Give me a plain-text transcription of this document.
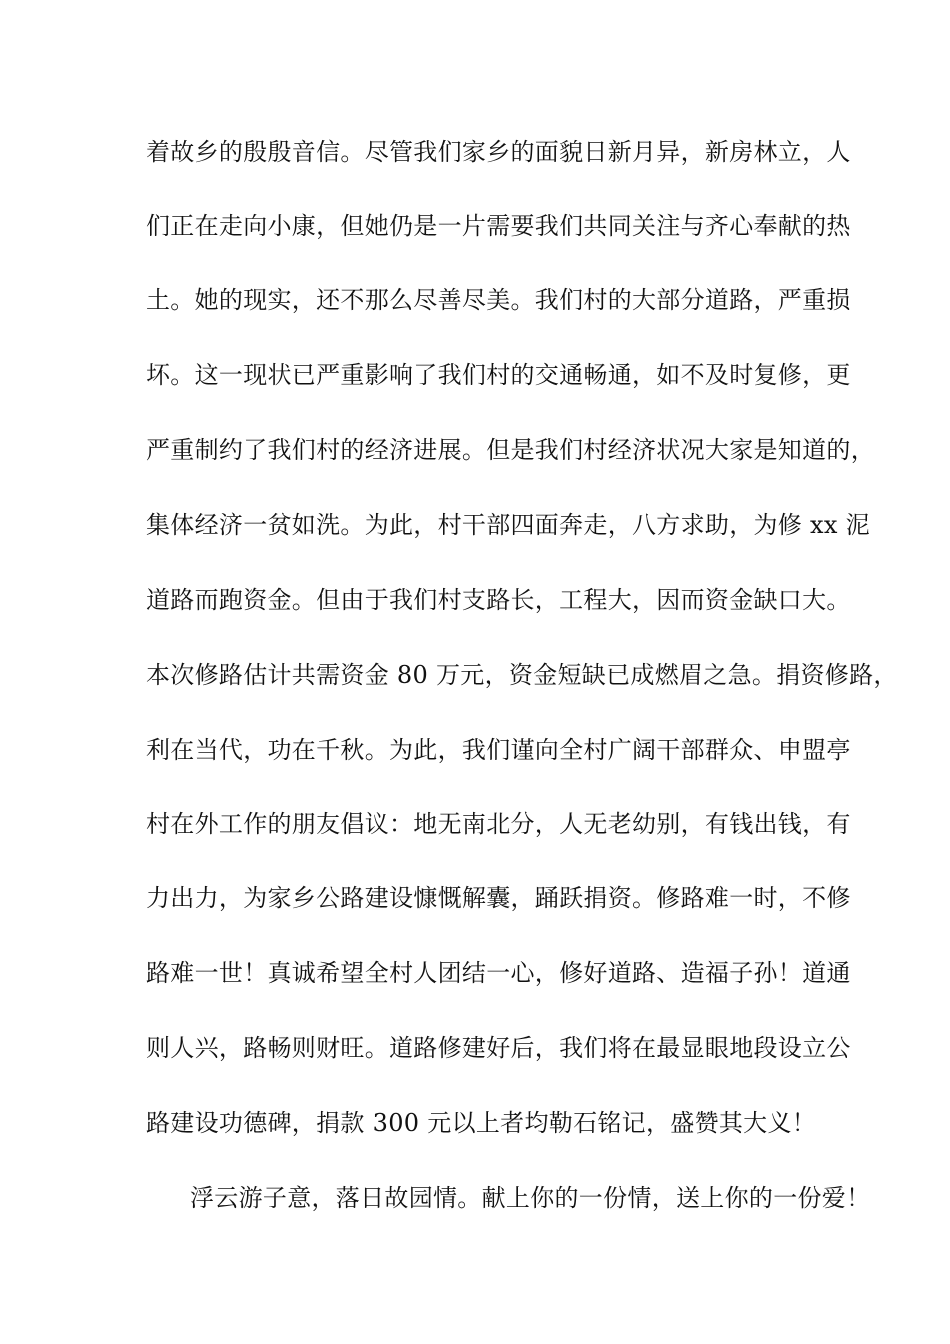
着故乡的殷殷音信。尽管我们家乡的面貌日新月异，新房林立，人
们正在走向小康，但她仍是一片需要我们共同关注与齐心奉献的热
土。她的现实，还不那么尽善尽美。我们村的大部分道路，严重损
坏。这一现状已严重影响了我们村的交通畅通，如不及时复修，更
严重制约了我们村的经济进展。但是我们村经济状况大家是知道的，
集体经济一贫如洗。为此，村干部四面奔走，八方求助，为修 xx 泥
道路而跑资金。但由于我们村支路长，工程大，因而资金缺口大。
本次修路估计共需资金 80 万元，资金短缺已成燃眉之急。捐资修路，
利在当代，功在千秋。为此，我们谨向全村广阔干部群众、申盟亭
村在外工作的朋友倡议：地无南北分，人无老幼别，有钱出钱，有
力出力，为家乡公路建设慷慨解囊，踊跃捐资。修路难一时，不修
路难一世！真诚希望全村人团结一心，修好道路、造福子孙！道通
则人兴，路畅则财旺。道路修建好后，我们将在最显眼地段设立公
路建设功德碑，捐款 300 元以上者均勒石铭记，盛赞其大义！
浮云游子意，落日故园情。献上你的一份情，送上你的一份爱！
